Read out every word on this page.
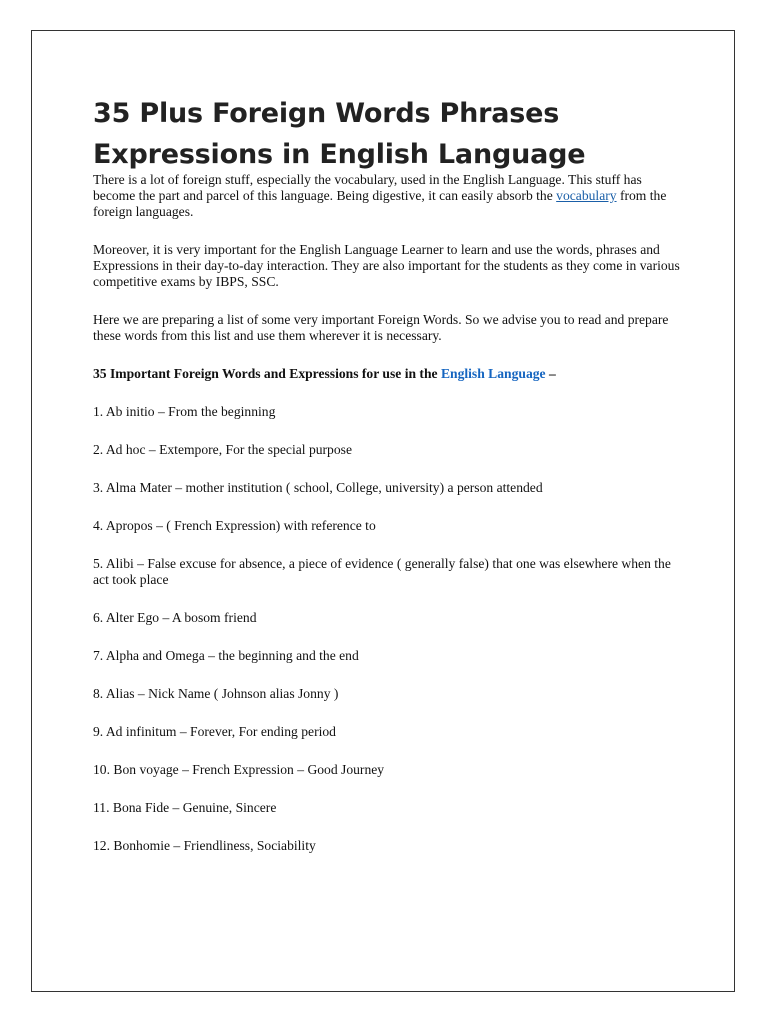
35 Plus Foreign Words Phrases Expressions in English Language

There is a lot of foreign stuff, especially the vocabulary, used in the English Language. This stuff has become the part and parcel of this language. Being digestive, it can easily absorb the vocabulary from the foreign languages.

Moreover, it is very important for the English Language Learner to learn and use the words, phrases and Expressions in their day-to-day interaction. They are also important for the students as they come in various competitive exams by IBPS, SSC.

Here we are preparing a list of some very important Foreign Words. So we advise you to read and prepare these words from this list and use them wherever it is necessary.

35 Important Foreign Words and Expressions for use in the English Language –

1. Ab initio – From the beginning

2. Ad hoc – Extempore, For the special purpose

3. Alma Mater – mother institution ( school, College, university) a person attended

4. Apropos – ( French Expression) with reference to

5. Alibi – False excuse for absence, a piece of evidence ( generally false) that one was elsewhere when the act took place

6. Alter Ego – A bosom friend

7. Alpha and Omega – the beginning and the end

8. Alias – Nick Name ( Johnson alias Jonny )

9. Ad infinitum – Forever, For ending period

10. Bon voyage – French Expression – Good Journey

11. Bona Fide – Genuine, Sincere

12. Bonhomie – Friendliness, Sociability
